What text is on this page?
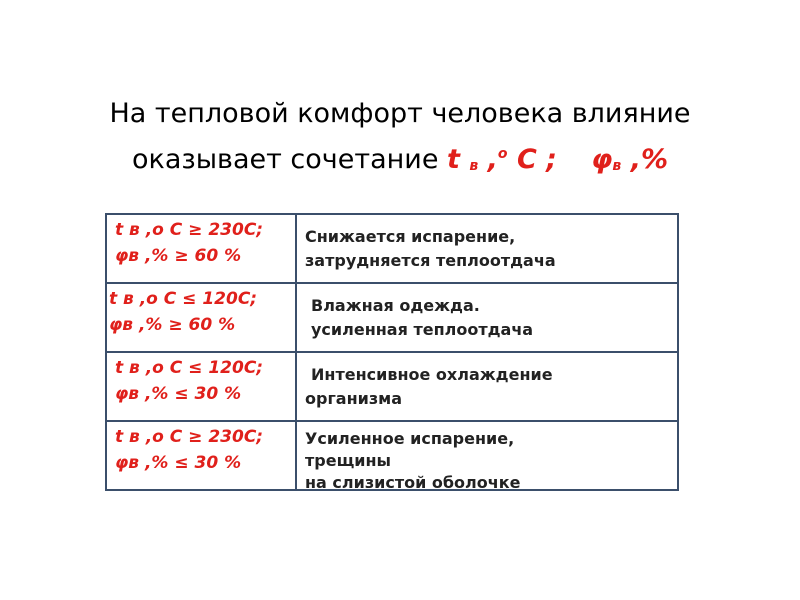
На тепловой комфорт человека влияние
оказывает сочетание t в ,$^о$ C ; φв ,%
t в ,о C ≥ 230C;
φв ,% ≥ 60 %
Снижается испарение,
затрудняется теплоотдача
t в ,о C ≤ 120C;
φв ,% ≥ 60 %
Влажная одежда.
усиленная теплоотдача
t в ,о C ≤ 120C;
φв ,% ≤ 30 %
Интенсивное охлаждение
организма
t в ,о C ≥ 230C;
φв ,% ≤ 30 %
Усиленное испарение,
трещины
на слизистой оболочке
